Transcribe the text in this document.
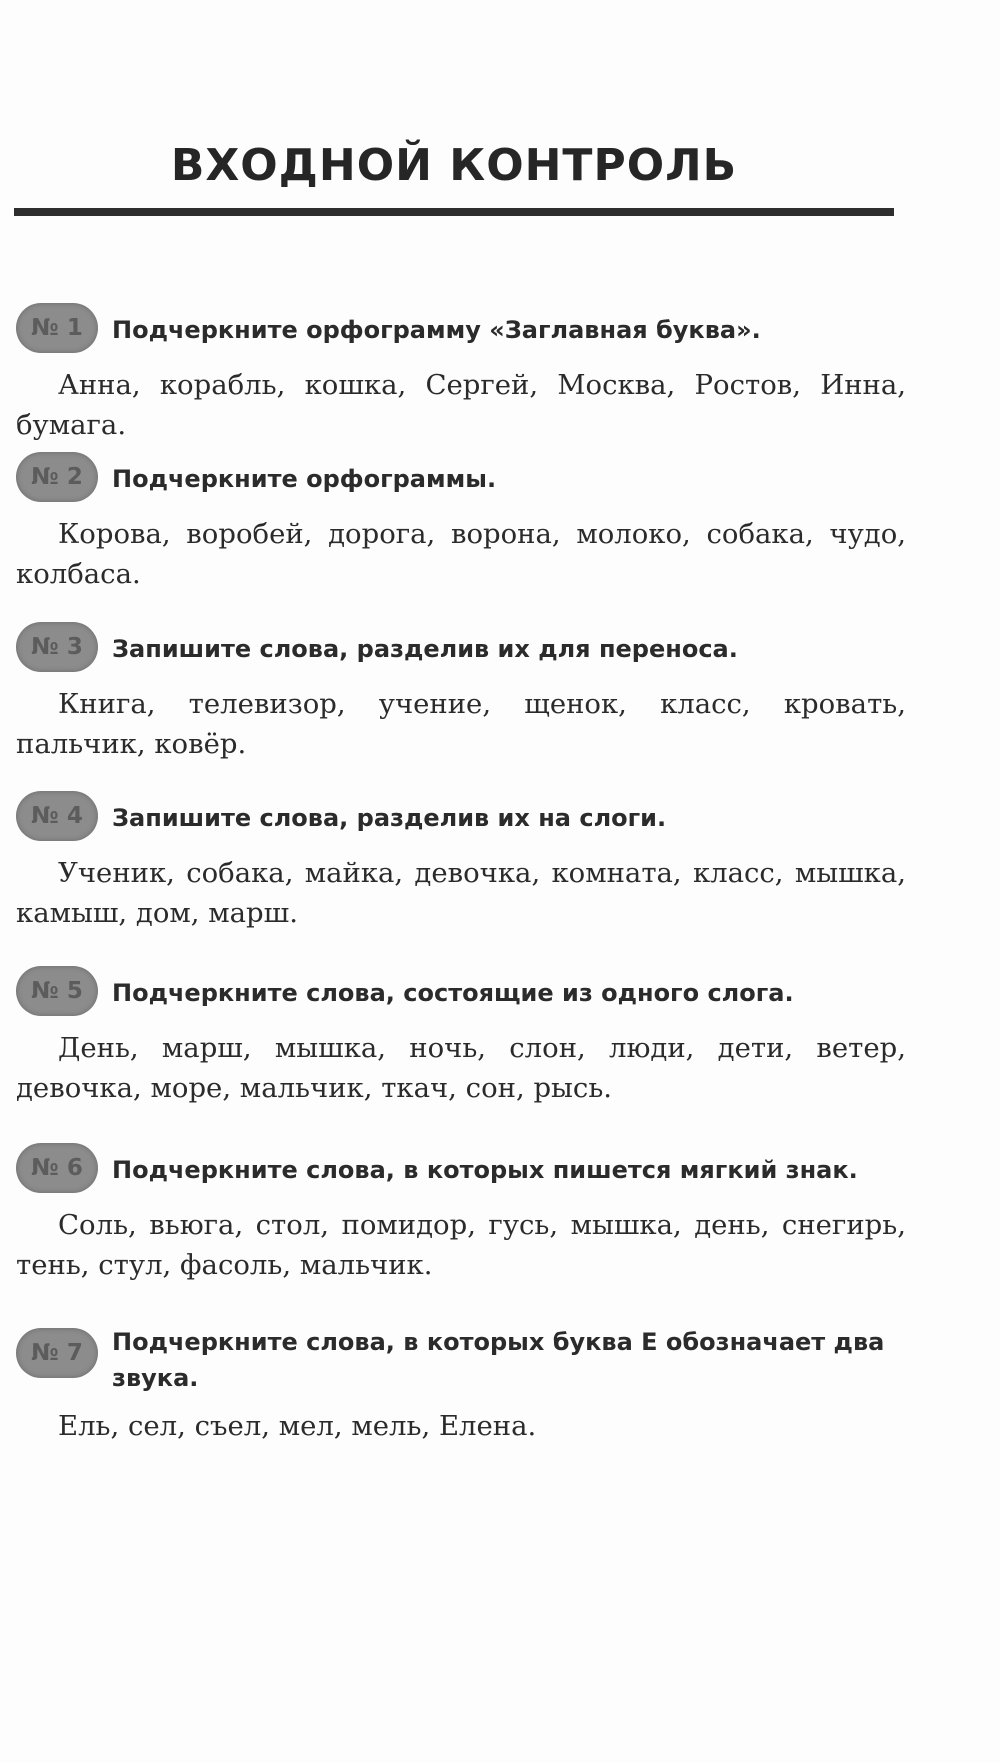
ВХОДНОЙ КОНТРОЛЬ
№ 1	Подчеркните орфограмму «Заглавная буква».

Анна, корабль, кошка, Сергей, Москва, Ростов, Инна, бумага.

№ 2	Подчеркните орфограммы.

Корова, воробей, дорога, ворона, молоко, собака, чудо, колбаса.

№ 3	Запишите слова, разделив их для переноса.

Книга, телевизор, учение, щенок, класс, кровать, пальчик, ковёр.

№ 4	Запишите слова, разделив их на слоги.

Ученик, собака, майка, девочка, комната, класс, мышка, камыш, дом, марш.

№ 5	Подчеркните слова, состоящие из одного слога.

День, марш, мышка, ночь, слон, люди, дети, ветер, девочка, море, мальчик, ткач, сон, рысь.

№ 6	Подчеркните слова, в которых пишется мягкий знак.

Соль, вьюга, стол, помидор, гусь, мышка, день, снегирь, тень, стул, фасоль, мальчик.

№ 7	Подчеркните слова, в которых буква Е обозначает два звука.

Ель, сел, съел, мел, мель, Елена.
